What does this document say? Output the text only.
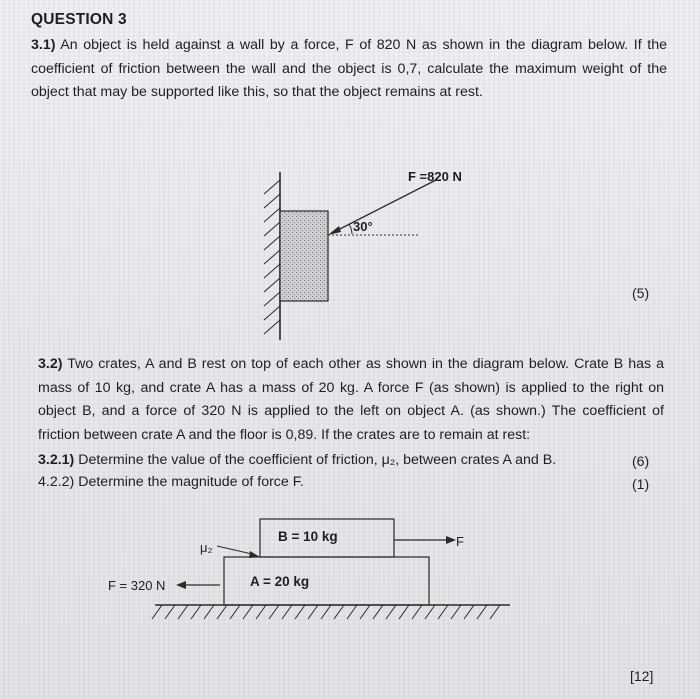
QUESTION 3
3.1) An object is held against a wall by a force, F of 820 N as shown in the diagram below. If the coefficient of friction between the wall and the object is 0,7, calculate the maximum weight of the object that may be supported like this, so that the object remains at rest.
30°
F =820 N
(5)
3.2) Two crates, A and B rest on top of each other as shown in the diagram below. Crate B has a mass of 10 kg, and crate A has a mass of 20 kg. A force F (as shown) is applied to the right on object B, and a force of 320 N is applied to the left on object A. (as shown.) The coefficient of friction between crate A and the floor is 0,89. If the crates are to remain at rest:
3.2.1) Determine the value of the coefficient of friction, μ₂, between crates A and B.	(6)
4.2.2) Determine the magnitude of force F.	(1)
B = 10 kg
A = 20 kg
F
F = 320 N
μ₂
[12]
